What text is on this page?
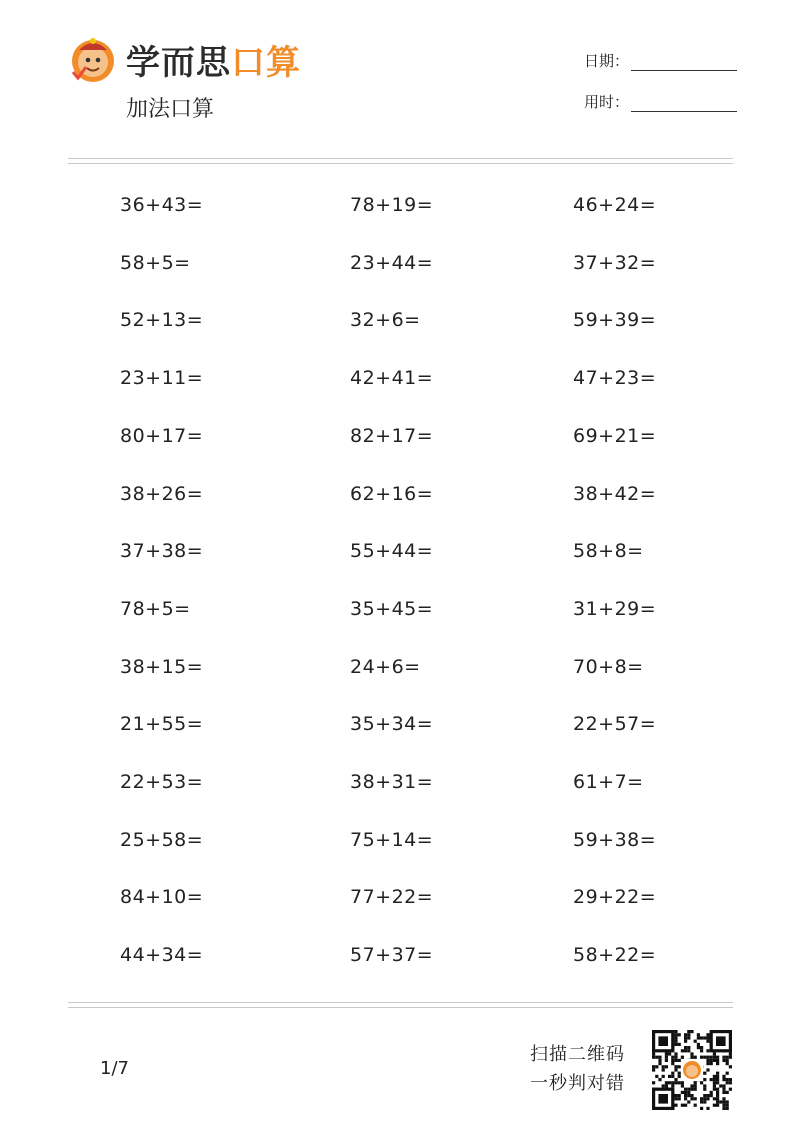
学而思 口算
加法口算
日期：
用时：
36+43=
58+5=
52+13=
23+11=
80+17=
38+26=
37+38=
78+5=
38+15=
21+55=
22+53=
25+58=
84+10=
44+34=
78+19=
23+44=
32+6=
42+41=
82+17=
62+16=
55+44=
35+45=
24+6=
35+34=
38+31=
75+14=
77+22=
57+37=
46+24=
37+32=
59+39=
47+23=
69+21=
38+42=
58+8=
31+29=
70+8=
22+57=
61+7=
59+38=
29+22=
58+22=
1/7
扫描二维码
一秒判对错
